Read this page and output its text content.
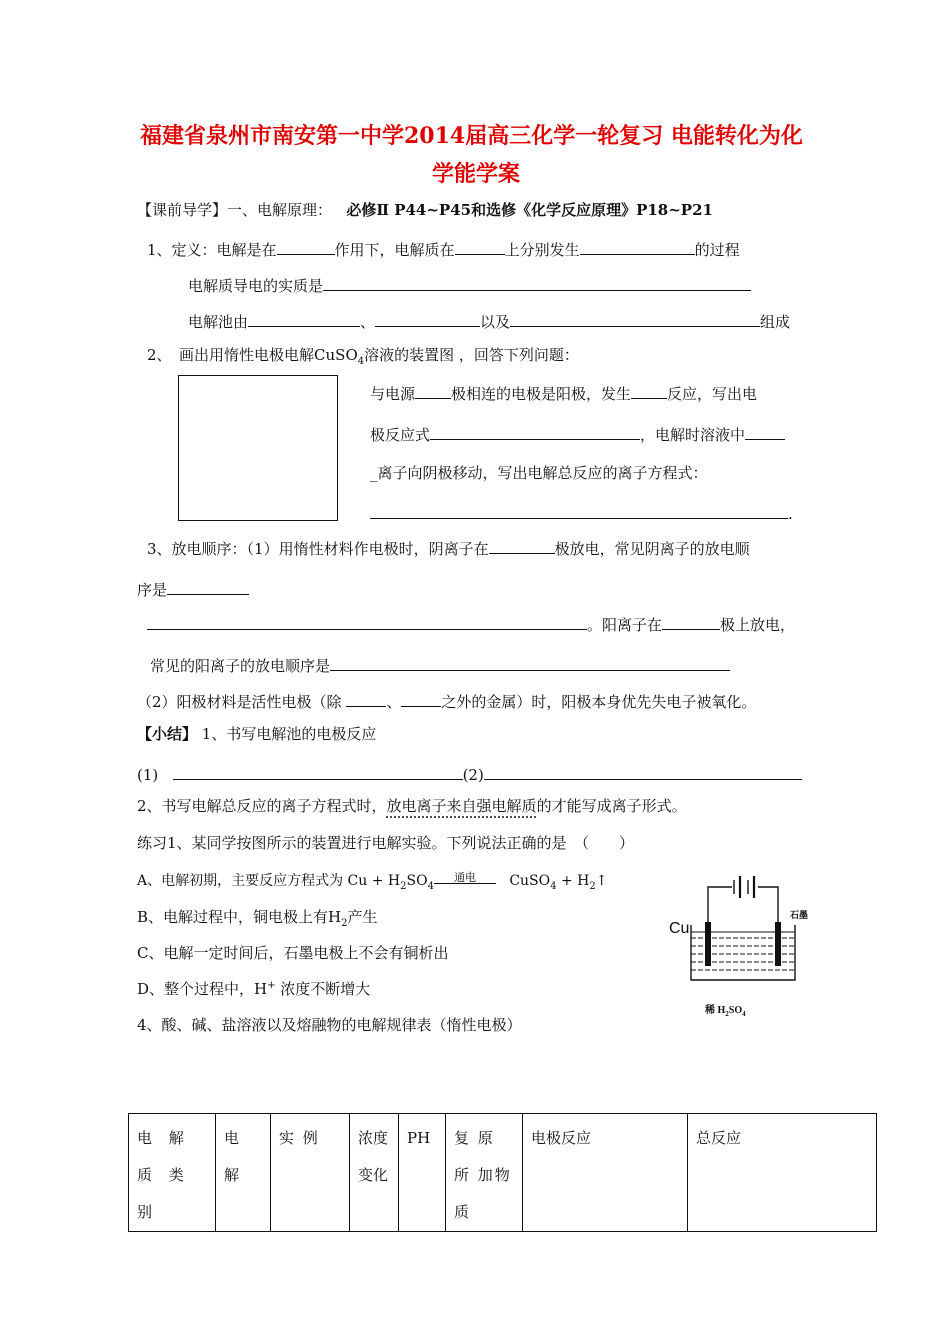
福建省泉州市南安第一中学2014届高三化学一轮复习 电能转化为化
学能学案
【课前导学】一、电解原理： 必修Ⅱ P44~P45和选修《化学反应原理》P18~P21
1、定义：电解是在	作用下，电解质在	上分别发生	的过程
电解质导电的实质是
电解池由	、	以及	组成
2、　画出用惰性电极电解CuSO$_4$溶液的装置图 ，回答下列问题：
与电源 极相连的电极是阳极，发生 反应，写出电
极反应式	，电解时溶液中
_离子向阴极移动，写出电解总反应的离子方程式：
.
3、放电顺序：（1）用惰性材料作电极时，阴离子在	极放电，常见阴离子的放电顺
序是
。阳离子在	极上放电，
常见的阳离子的放电顺序是
（2）阳极材料是活性电极（除	、	之外的金属）时，阳极本身优先失电子被氧化。
【小结】 1、书写电解池的电极反应
(1)	(2)
2、书写电解总反应的离子方程式时，放电离子来自强电解质的才能写成离子形式。
练习1、某同学按图所示的装置进行电解实验。下列说法正确的是　（　　）
A、电解初期，主要反应方程式为 $Cu + H_2SO_4$通电 CuSO$_4$ + $H_2↑$
B、电解过程中，铜电极上有$H_2$产生
C、电解一定时间后，石墨电极上不会有铜析出
D、整个过程中，H+ 浓度不断增大
Cu
石墨
稀 $H_2SO_4$
4、酸、碱、盐溶液以及熔融物的电解规律表（惰性电极）
电 解 质 类 别	电 解	实 例	浓度 变化	PH	复 原 所 加物质	电极反应	总反应
